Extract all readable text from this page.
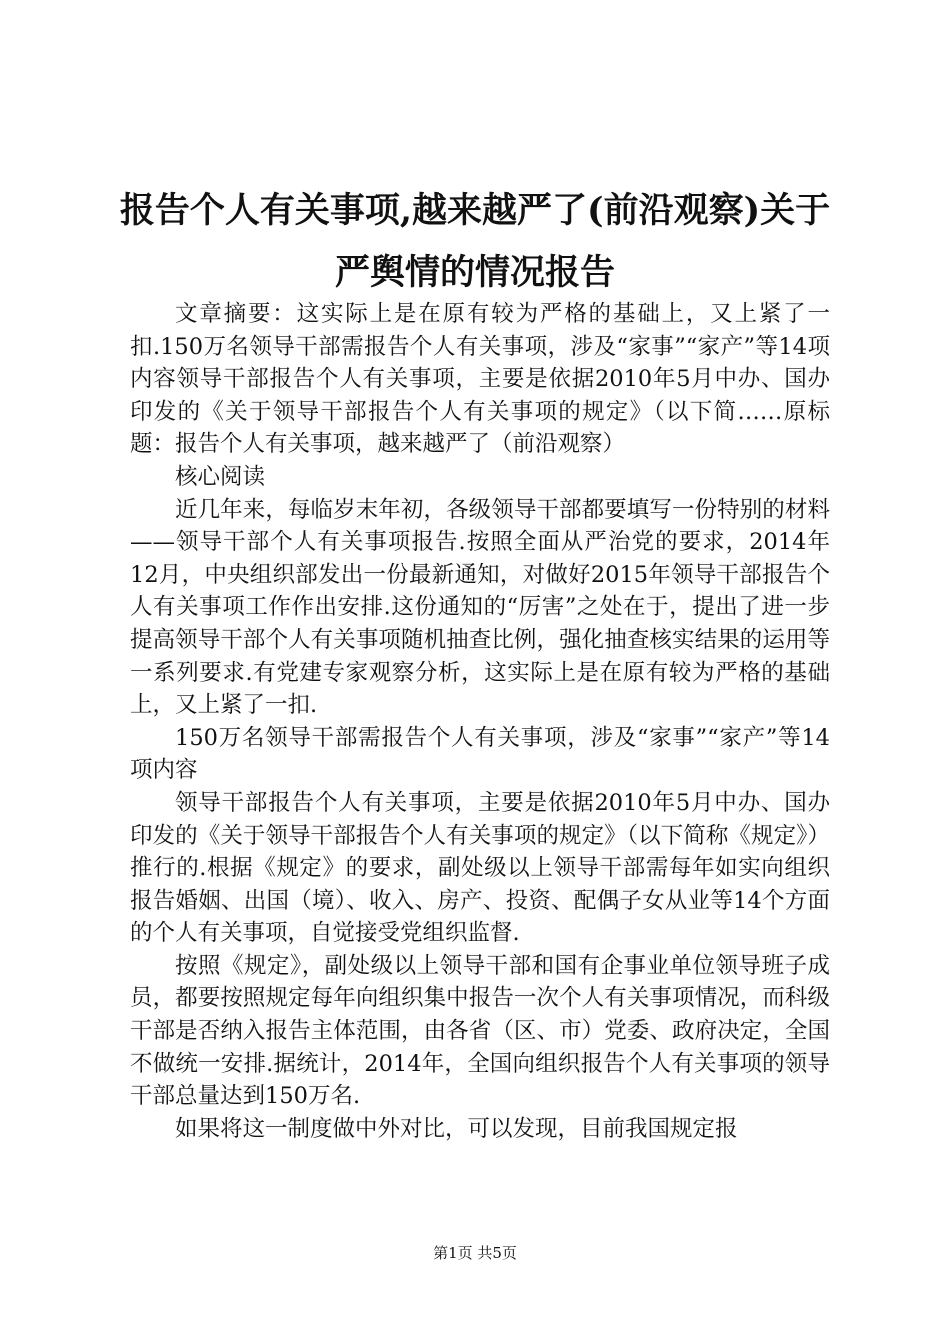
报告个人有关事项,越来越严了(前沿观察)关于严舆情的情况报告

文章摘要：这实际上是在原有较为严格的基础上，又上紧了一扣.150万名领导干部需报告个人有关事项，涉及“家事”“家产”等14项内容领导干部报告个人有关事项，主要是依据2010年5月中办、国办印发的《关于领导干部报告个人有关事项的规定》（以下简……原标题：报告个人有关事项，越来越严了（前沿观察）

核心阅读

近几年来，每临岁末年初，各级领导干部都要填写一份特别的材料——领导干部个人有关事项报告.按照全面从严治党的要求，2014年12月，中央组织部发出一份最新通知，对做好2015年领导干部报告个人有关事项工作作出安排.这份通知的“厉害”之处在于，提出了进一步提高领导干部个人有关事项随机抽查比例，强化抽查核实结果的运用等一系列要求.有党建专家观察分析，这实际上是在原有较为严格的基础上，又上紧了一扣.

150万名领导干部需报告个人有关事项，涉及“家事”“家产”等14项内容

领导干部报告个人有关事项，主要是依据2010年5月中办、国办印发的《关于领导干部报告个人有关事项的规定》（以下简称《规定》）推行的.根据《规定》的要求，副处级以上领导干部需每年如实向组织报告婚姻、出国（境）、收入、房产、投资、配偶子女从业等14个方面的个人有关事项，自觉接受党组织监督.

按照《规定》，副处级以上领导干部和国有企事业单位领导班子成员，都要按照规定每年向组织集中报告一次个人有关事项情况，而科级干部是否纳入报告主体范围，由各省（区、市）党委、政府决定，全国不做统一安排.据统计，2014年，全国向组织报告个人有关事项的领导干部总量达到150万名.

如果将这一制度做中外对比，可以发现，目前我国规定报

第1页 共5页
